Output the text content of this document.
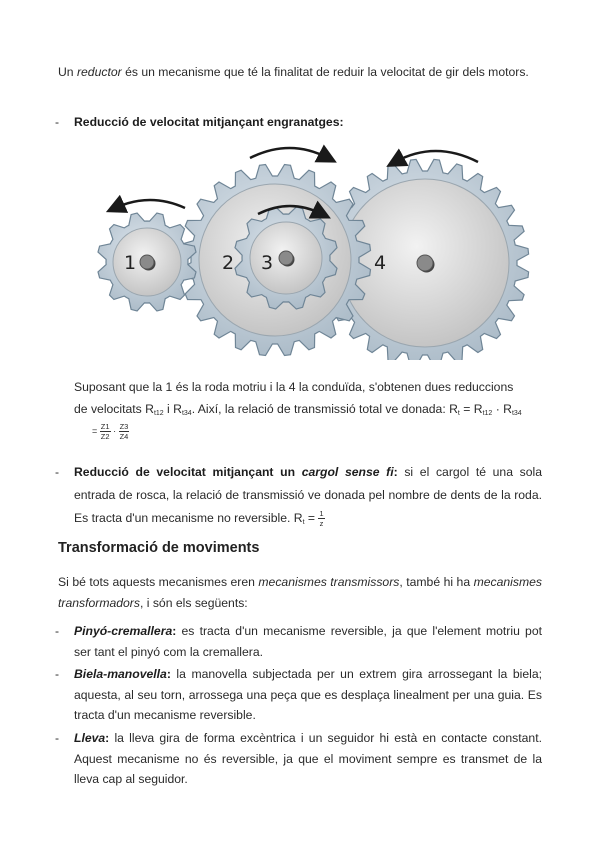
Un reductor és un mecanisme que té la finalitat de reduir la velocitat de gir dels motors.

- Reducció de velocitat mitjançant engranatges:

1	2 3	4

Suposant que la 1 és la roda motriu i la 4 la conduïda, s'obtenen dues reduccions
de velocitats $R_{t12}$ i $R_{t34}$. Així, la relació de transmissió total ve donada: $R_t = R_{t12} \cdot R_{t34}$

= $\frac{Z1}{Z2} \cdot \frac{Z3}{Z4}$

- Reducció de velocitat mitjançant un cargol sense fi: si el cargol té una sola entrada de rosca, la relació de transmissió ve donada pel nombre de dents de la roda. Es tracta d'un mecanisme no reversible. $R_t = \frac{1}{z}$

Transformació de moviments

Si bé tots aquests mecanismes eren mecanismes transmissors, també hi ha mecanismes transformadors, i són els següents:

- Pinyó-cremallera: es tracta d'un mecanisme reversible, ja que l'element motriu pot ser tant el pinyó com la cremallera.

- Biela-manovella: la manovella subjectada per un extrem gira arrossegant la biela; aquesta, al seu torn, arrossega una peça que es desplaça linealment per una guia. Es tracta d'un mecanisme reversible.

- Lleva: la lleva gira de forma excèntrica i un seguidor hi està en contacte constant. Aquest mecanisme no és reversible, ja que el moviment sempre es transmet de la lleva cap al seguidor.
